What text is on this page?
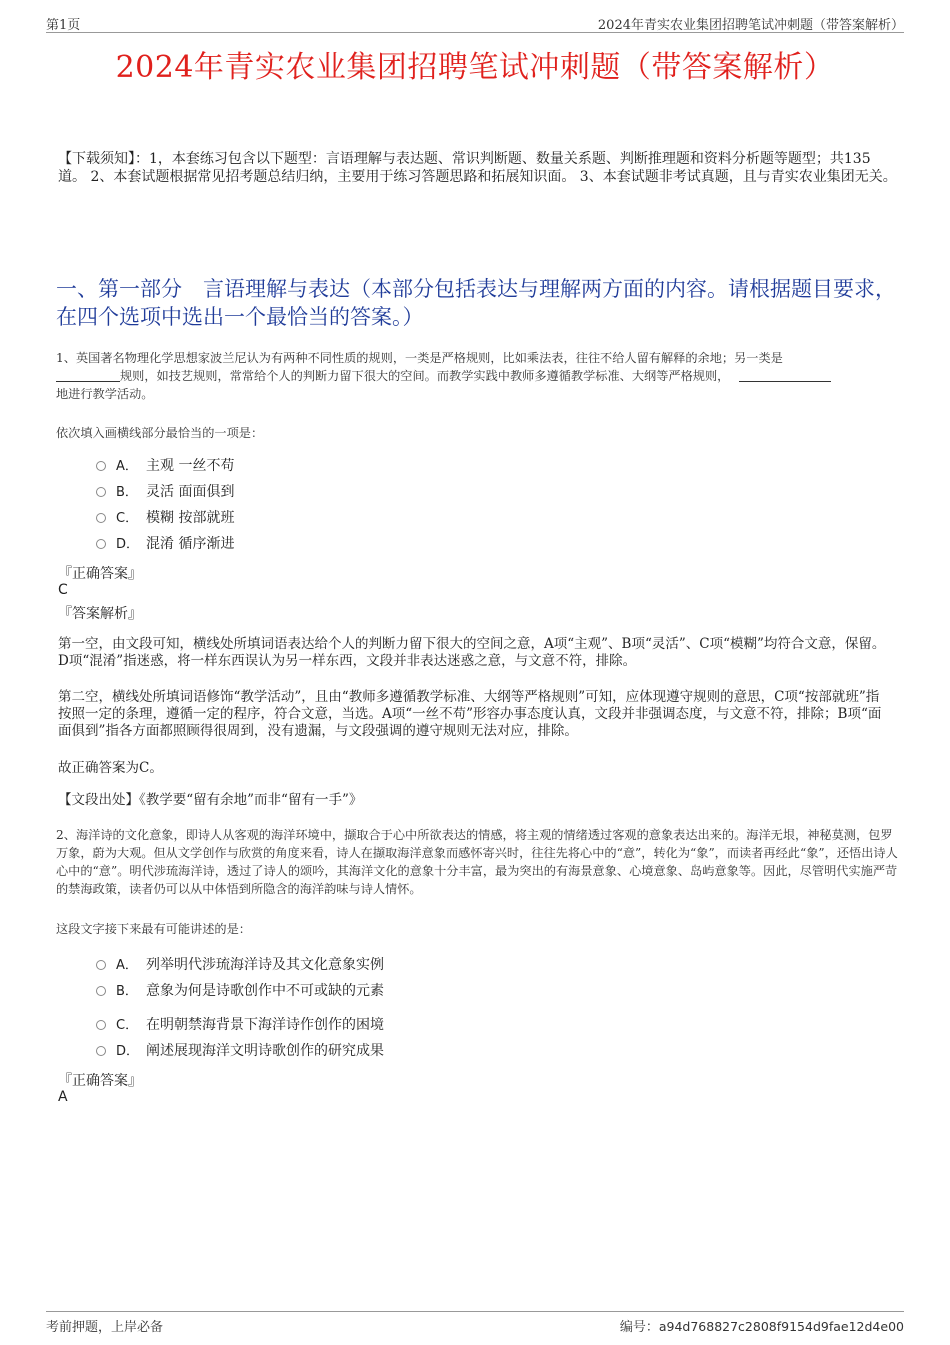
第1页	2024年青实农业集团招聘笔试冲刺题（带答案解析）
2024年青实农业集团招聘笔试冲刺题（带答案解析）
【下载须知】：1，本套练习包含以下题型：言语理解与表达题、常识判断题、数量关系题、判断推理题和资料分析题等题型；共135道。 2、本套试题根据常见招考题总结归纳，主要用于练习答题思路和拓展知识面。 3、本套试题非考试真题，且与青实农业集团无关。
一、第一部分　言语理解与表达（本部分包括表达与理解两方面的内容。请根据题目要求，在四个选项中选出一个最恰当的答案。）
1、英国著名物理化学思想家波兰尼认为有两种不同性质的规则，一类是严格规则，比如乘法表，往往不给人留有解释的余地；另一类是
规则，如技艺规则，常常给个人的判断力留下很大的空间。而教学实践中教师多遵循教学标准、大纲等严格规则，
地进行教学活动。
依次填入画横线部分最恰当的一项是：
A． 主观 一丝不苟
B． 灵活 面面俱到
C． 模糊 按部就班
D． 混淆 循序渐进
『正确答案』
C
『答案解析』
第一空，由文段可知，横线处所填词语表达给个人的判断力留下很大的空间之意，A项“主观”、B项“灵活”、C项“模糊”均符合文意，保留。D项“混淆”指迷惑，将一样东西误认为另一样东西，文段并非表达迷惑之意，与文意不符，排除。
第二空，横线处所填词语修饰“教学活动”，且由“教师多遵循教学标准、大纲等严格规则”可知，应体现遵守规则的意思，C项“按部就班”指按照一定的条理，遵循一定的程序，符合文意，当选。A项“一丝不苟”形容办事态度认真，文段并非强调态度，与文意不符，排除；B项“面面俱到”指各方面都照顾得很周到，没有遗漏，与文段强调的遵守规则无法对应，排除。
故正确答案为C。
【文段出处】《教学要“留有余地”而非“留有一手”》
2、海洋诗的文化意象，即诗人从客观的海洋环境中，撷取合于心中所欲表达的情感，将主观的情绪透过客观的意象表达出来的。海洋无垠，神秘莫测，包罗万象，蔚为大观。但从文学创作与欣赏的角度来看，诗人在撷取海洋意象而感怀寄兴时，往往先将心中的“意”，转化为“象”，而读者再经此“象”，还悟出诗人心中的“意”。明代涉琉海洋诗，透过了诗人的颂吟，其海洋文化的意象十分丰富，最为突出的有海景意象、心境意象、岛屿意象等。因此，尽管明代实施严苛的禁海政策，读者仍可以从中体悟到所隐含的海洋韵味与诗人情怀。
这段文字接下来最有可能讲述的是：
A． 列举明代涉琉海洋诗及其文化意象实例
B． 意象为何是诗歌创作中不可或缺的元素
C． 在明朝禁海背景下海洋诗作创作的困境
D． 阐述展现海洋文明诗歌创作的研究成果
『正确答案』
A
考前押题，上岸必备	编号：a94d768827c2808f9154d9fae12d4e00
